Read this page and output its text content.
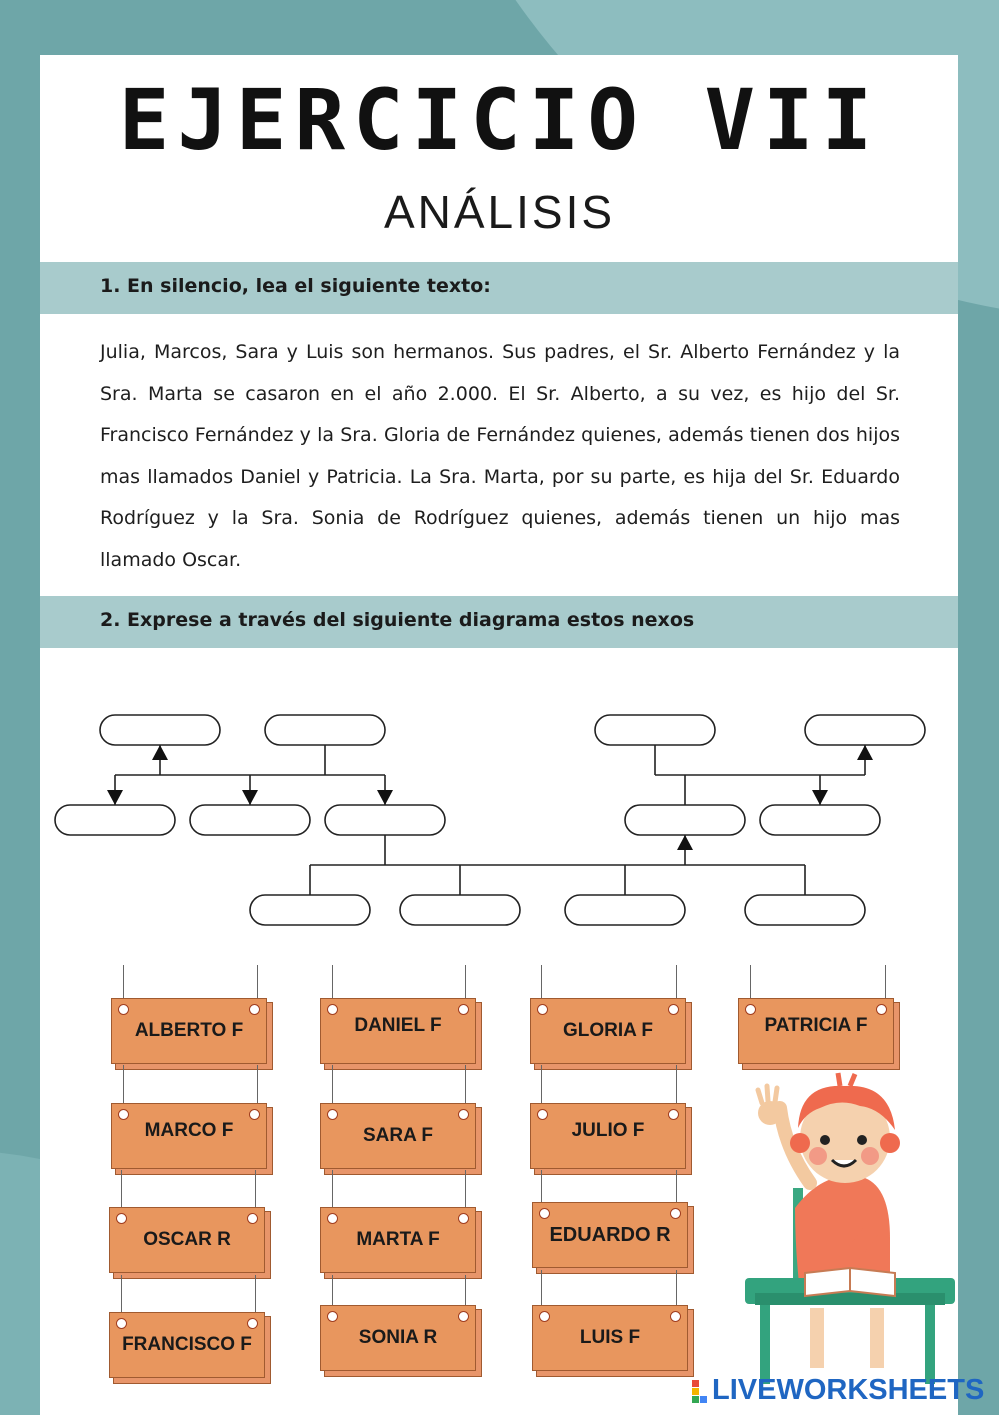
EJERCICIO VII
ANÁLISIS
1. En silencio, lea el siguiente texto:
Julia, Marcos, Sara y Luis son hermanos. Sus padres, el Sr. Alberto Fernández y la Sra. Marta se casaron en el año 2.000. El Sr. Alberto, a su vez, es hijo del Sr. Francisco Fernández y la Sra. Gloria de Fernández quienes, además tienen dos hijos mas llamados Daniel y Patricia. La Sra. Marta, por su parte, es hija del Sr. Eduardo Rodríguez y la Sra. Sonia de Rodríguez quienes, además tienen un hijo mas llamado Oscar.
2. Exprese a través del siguiente diagrama estos nexos
ALBERTO F	DANIEL F	GLORIA F	PATRICIA F
MARCO F	SARA F	JULIO F
OSCAR R	MARTA F	EDUARDO R
FRANCISCO F	SONIA R	LUIS F
LIVEWORKSHEETS
